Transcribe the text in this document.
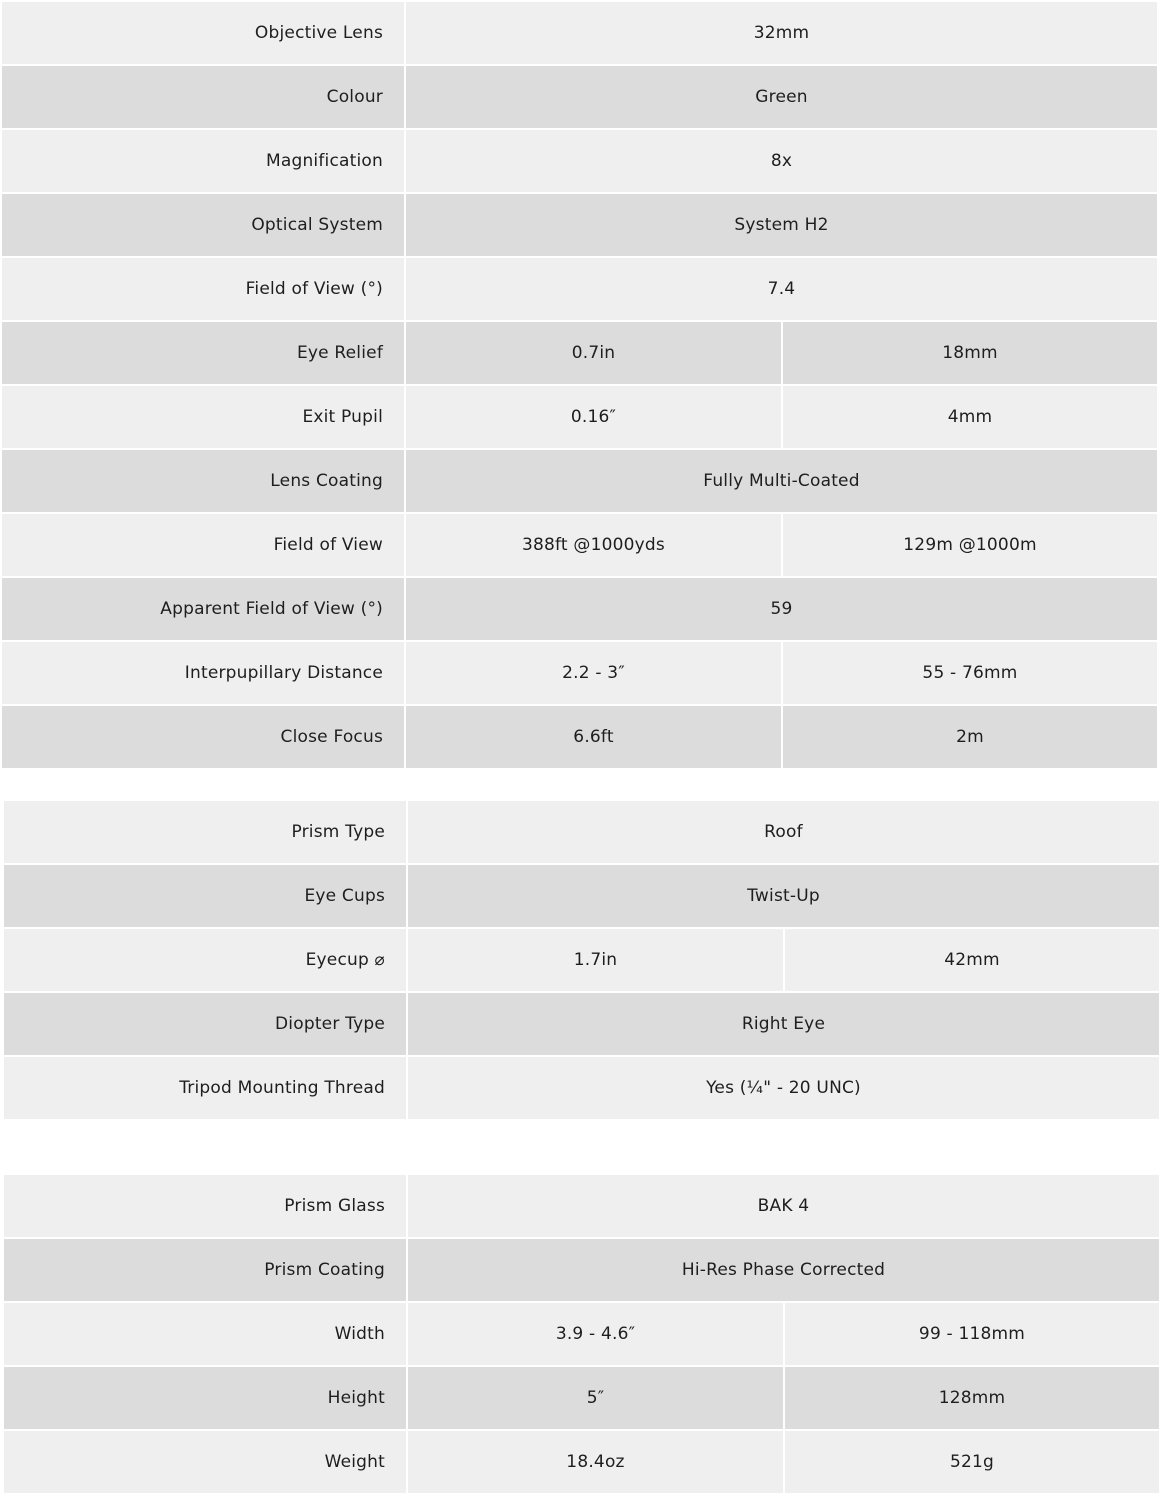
Objective Lens	32mm
Colour	Green
Magnification	8x
Optical System	System H2
Field of View (°)	7.4
Eye Relief	0.7in	18mm
Exit Pupil	0.16″	4mm
Lens Coating	Fully Multi-Coated
Field of View	388ft @1000yds	129m @1000m
Apparent Field of View (°)	59
Interpupillary Distance	2.2 - 3″	55 - 76mm
Close Focus	6.6ft	2m
Prism Type	Roof
Eye Cups	Twist-Up
Eyecup ⌀	1.7in	42mm
Diopter Type	Right Eye
Tripod Mounting Thread	Yes (¼" - 20 UNC)
Prism Glass	BAK 4
Prism Coating	Hi-Res Phase Corrected
Width	3.9 - 4.6″	99 - 118mm
Height	5″	128mm
Weight	18.4oz	521g
